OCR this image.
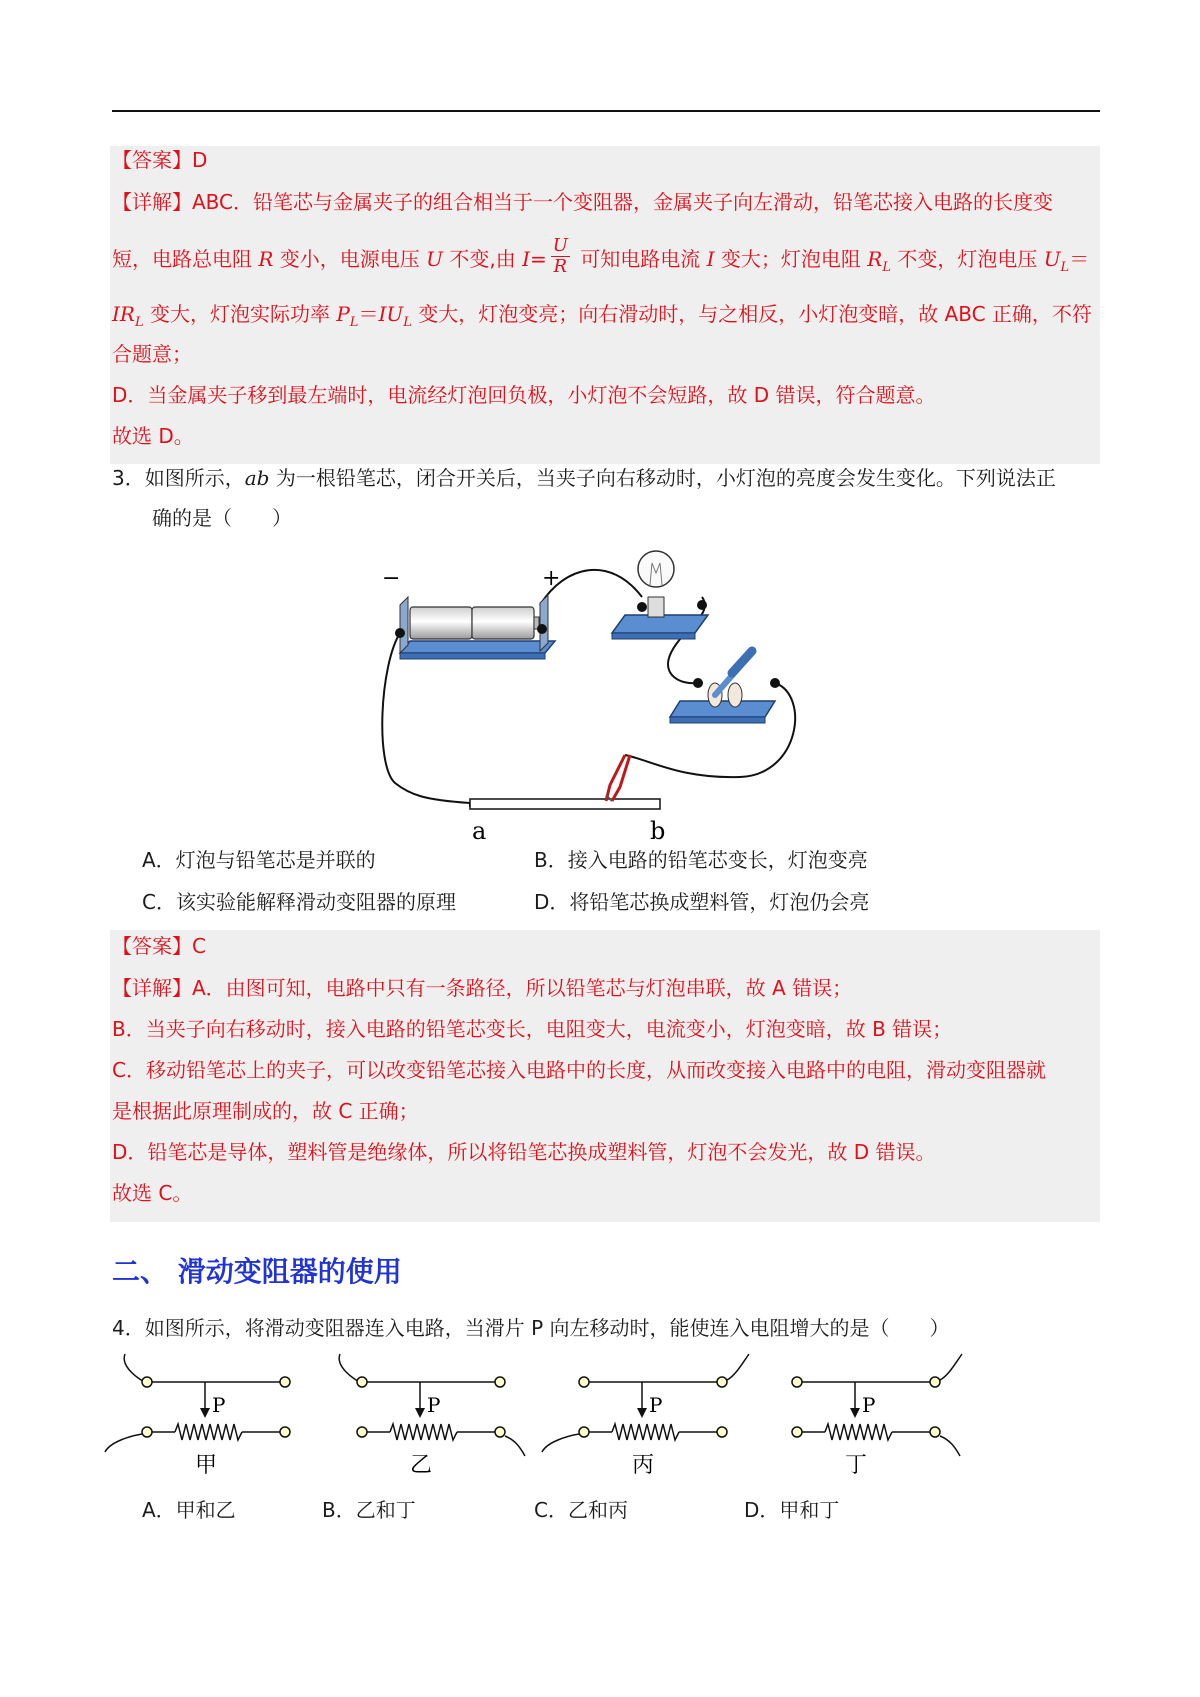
【答案】D
【详解】ABC．铅笔芯与金属夹子的组合相当于一个变阻器，金属夹子向左滑动，铅笔芯接入电路的长度变
短，电路总电阻 R 变小，电源电压 U 不变,由 $I= \frac{U}{R}$ 可知电路电流 I 变大；灯泡电阻 $R_L$ 不变，灯泡电压 $U_L=$
$IR_L$ 变大，灯泡实际功率 $P_L=IU_L$ 变大，灯泡变亮；向右滑动时，与之相反，小灯泡变暗，故 ABC 正确，不符
合题意；
D．当金属夹子移到最左端时，电流经灯泡回负极，小灯泡不会短路，故 D 错误，符合题意。
故选 D。
3．如图所示，ab 为一根铅笔芯，闭合开关后，当夹子向右移动时，小灯泡的亮度会发生变化。下列说法正
确的是（　　）
−	+
a	b
A．灯泡与铅笔芯是并联的	B．接入电路的铅笔芯变长，灯泡变亮
C．该实验能解释滑动变阻器的原理	D．将铅笔芯换成塑料管，灯泡仍会亮
【答案】C
【详解】A．由图可知，电路中只有一条路径，所以铅笔芯与灯泡串联，故 A 错误；
B．当夹子向右移动时，接入电路的铅笔芯变长，电阻变大，电流变小，灯泡变暗，故 B 错误；
C．移动铅笔芯上的夹子，可以改变铅笔芯接入电路中的长度，从而改变接入电路中的电阻，滑动变阻器就
是根据此原理制成的，故 C 正确；
D．铅笔芯是导体，塑料管是绝缘体，所以将铅笔芯换成塑料管，灯泡不会发光，故 D 错误。
故选 C。
二、 滑动变阻器的使用
4．如图所示，将滑动变阻器连入电路，当滑片 P 向左移动时，能使连入电阻增大的是（　　）
P
甲
P
乙
P
丙
P
丁
A．甲和乙	B．乙和丁	C．乙和丙	D．甲和丁
